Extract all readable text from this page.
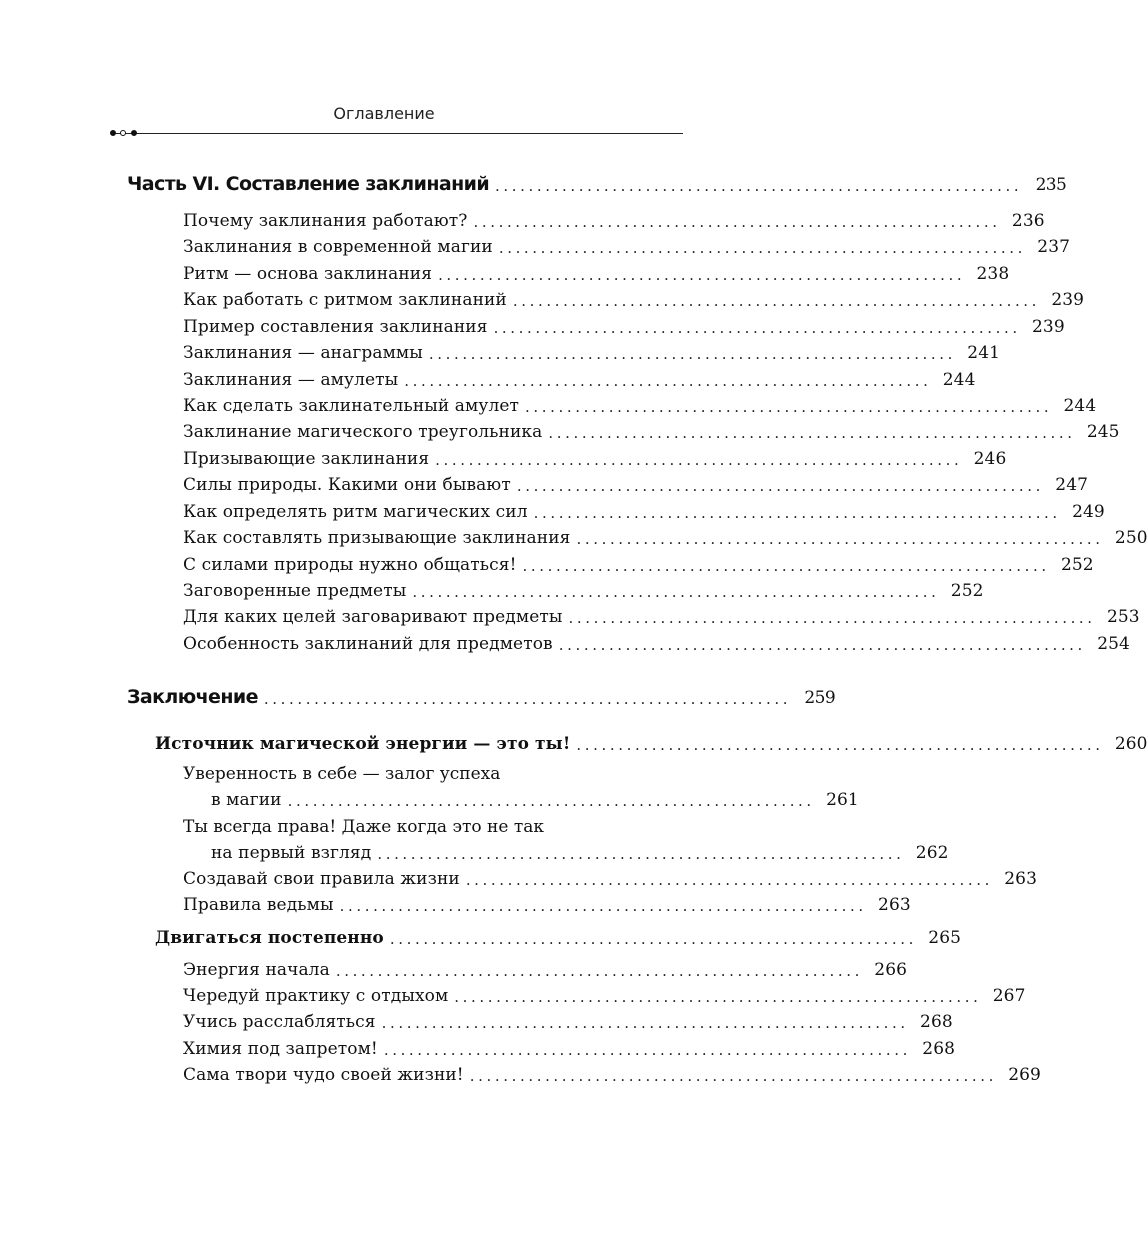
Оглавление
Часть VI. Составление заклинаний ............................................................... 235
Почему заклинания работают? ............................................................... 236
Заклинания в современной магии ............................................................... 237
Ритм — основа заклинания ............................................................... 238
Как работать с ритмом заклинаний ............................................................... 239
Пример составления заклинания ............................................................... 239
Заклинания — анаграммы ............................................................... 241
Заклинания — амулеты ............................................................... 244
Как сделать заклинательный амулет ............................................................... 244
Заклинание магического треугольника ............................................................... 245
Призывающие заклинания ............................................................... 246
Силы природы. Какими они бывают ............................................................... 247
Как определять ритм магических сил ............................................................... 249
Как составлять призывающие заклинания ............................................................... 250
С силами природы нужно общаться! ............................................................... 252
Заговоренные предметы ............................................................... 252
Для каких целей заговаривают предметы ............................................................... 253
Особенность заклинаний для предметов ............................................................... 254
Заключение ............................................................... 259
Источник магической энергии — это ты! ............................................................... 260
Уверенность в себе — залог успеха
в магии ............................................................... 261
Ты всегда права! Даже когда это не так
на первый взгляд ............................................................... 262
Создавай свои правила жизни ............................................................... 263
Правила ведьмы ............................................................... 263
Двигаться постепенно ............................................................... 265
Энергия начала ............................................................... 266
Чередуй практику с отдыхом ............................................................... 267
Учись расслабляться ............................................................... 268
Химия под запретом! ............................................................... 268
Сама твори чудо своей жизни! ............................................................... 269
